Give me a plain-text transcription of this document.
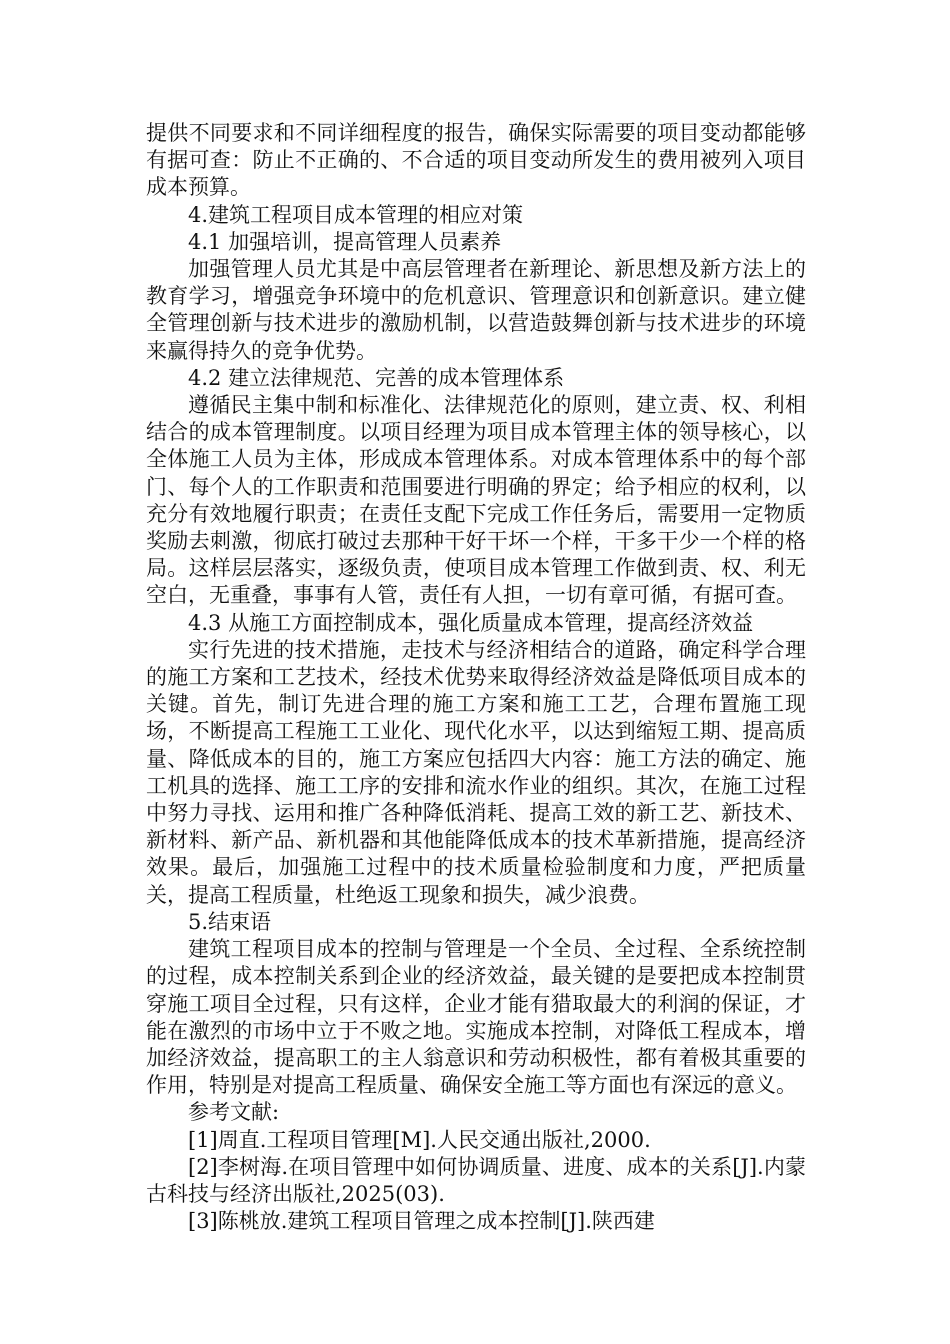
提供不同要求和不同详细程度的报告，确保实际需要的项目变动都能够有据可查：防止不正确的、不合适的项目变动所发生的费用被列入项目成本预算。

4.建筑工程项目成本管理的相应对策

4.1 加强培训，提高管理人员素养

加强管理人员尤其是中高层管理者在新理论、新思想及新方法上的教育学习，增强竞争环境中的危机意识、管理意识和创新意识。建立健全管理创新与技术进步的激励机制，以营造鼓舞创新与技术进步的环境来赢得持久的竞争优势。

4.2 建立法律规范、完善的成本管理体系

遵循民主集中制和标准化、法律规范化的原则，建立责、权、利相结合的成本管理制度。以项目经理为项目成本管理主体的领导核心，以全体施工人员为主体，形成成本管理体系。对成本管理体系中的每个部门、每个人的工作职责和范围要进行明确的界定；给予相应的权利，以充分有效地履行职责；在责任支配下完成工作任务后，需要用一定物质奖励去刺激，彻底打破过去那种干好干坏一个样，干多干少一个样的格局。这样层层落实，逐级负责，使项目成本管理工作做到责、权、利无空白，无重叠，事事有人管，责任有人担，一切有章可循，有据可查。

4.3 从施工方面控制成本，强化质量成本管理，提高经济效益

实行先进的技术措施，走技术与经济相结合的道路，确定科学合理的施工方案和工艺技术，经技术优势来取得经济效益是降低项目成本的关键。首先，制订先进合理的施工方案和施工工艺，合理布置施工现场，不断提高工程施工工业化、现代化水平，以达到缩短工期、提高质量、降低成本的目的，施工方案应包括四大内容：施工方法的确定、施工机具的选择、施工工序的安排和流水作业的组织。其次，在施工过程中努力寻找、运用和推广各种降低消耗、提高工效的新工艺、新技术、新材料、新产品、新机器和其他能降低成本的技术革新措施，提高经济效果。最后，加强施工过程中的技术质量检验制度和力度，严把质量关，提高工程质量，杜绝返工现象和损失，减少浪费。

5.结束语

建筑工程项目成本的控制与管理是一个全员、全过程、全系统控制的过程，成本控制关系到企业的经济效益，最关键的是要把成本控制贯穿施工项目全过程，只有这样，企业才能有猎取最大的利润的保证，才能在激烈的市场中立于不败之地。实施成本控制，对降低工程成本，增加经济效益，提高职工的主人翁意识和劳动积极性，都有着极其重要的作用，特别是对提高工程质量、确保安全施工等方面也有深远的意义。

参考文献:

[1]周直.工程项目管理[M].人民交通出版社,2000.

[2]李树海.在项目管理中如何协调质量、进度、成本的关系[J].内蒙古科技与经济出版社,2025(03).

[3]陈桃放.建筑工程项目管理之成本控制[J].陕西建
